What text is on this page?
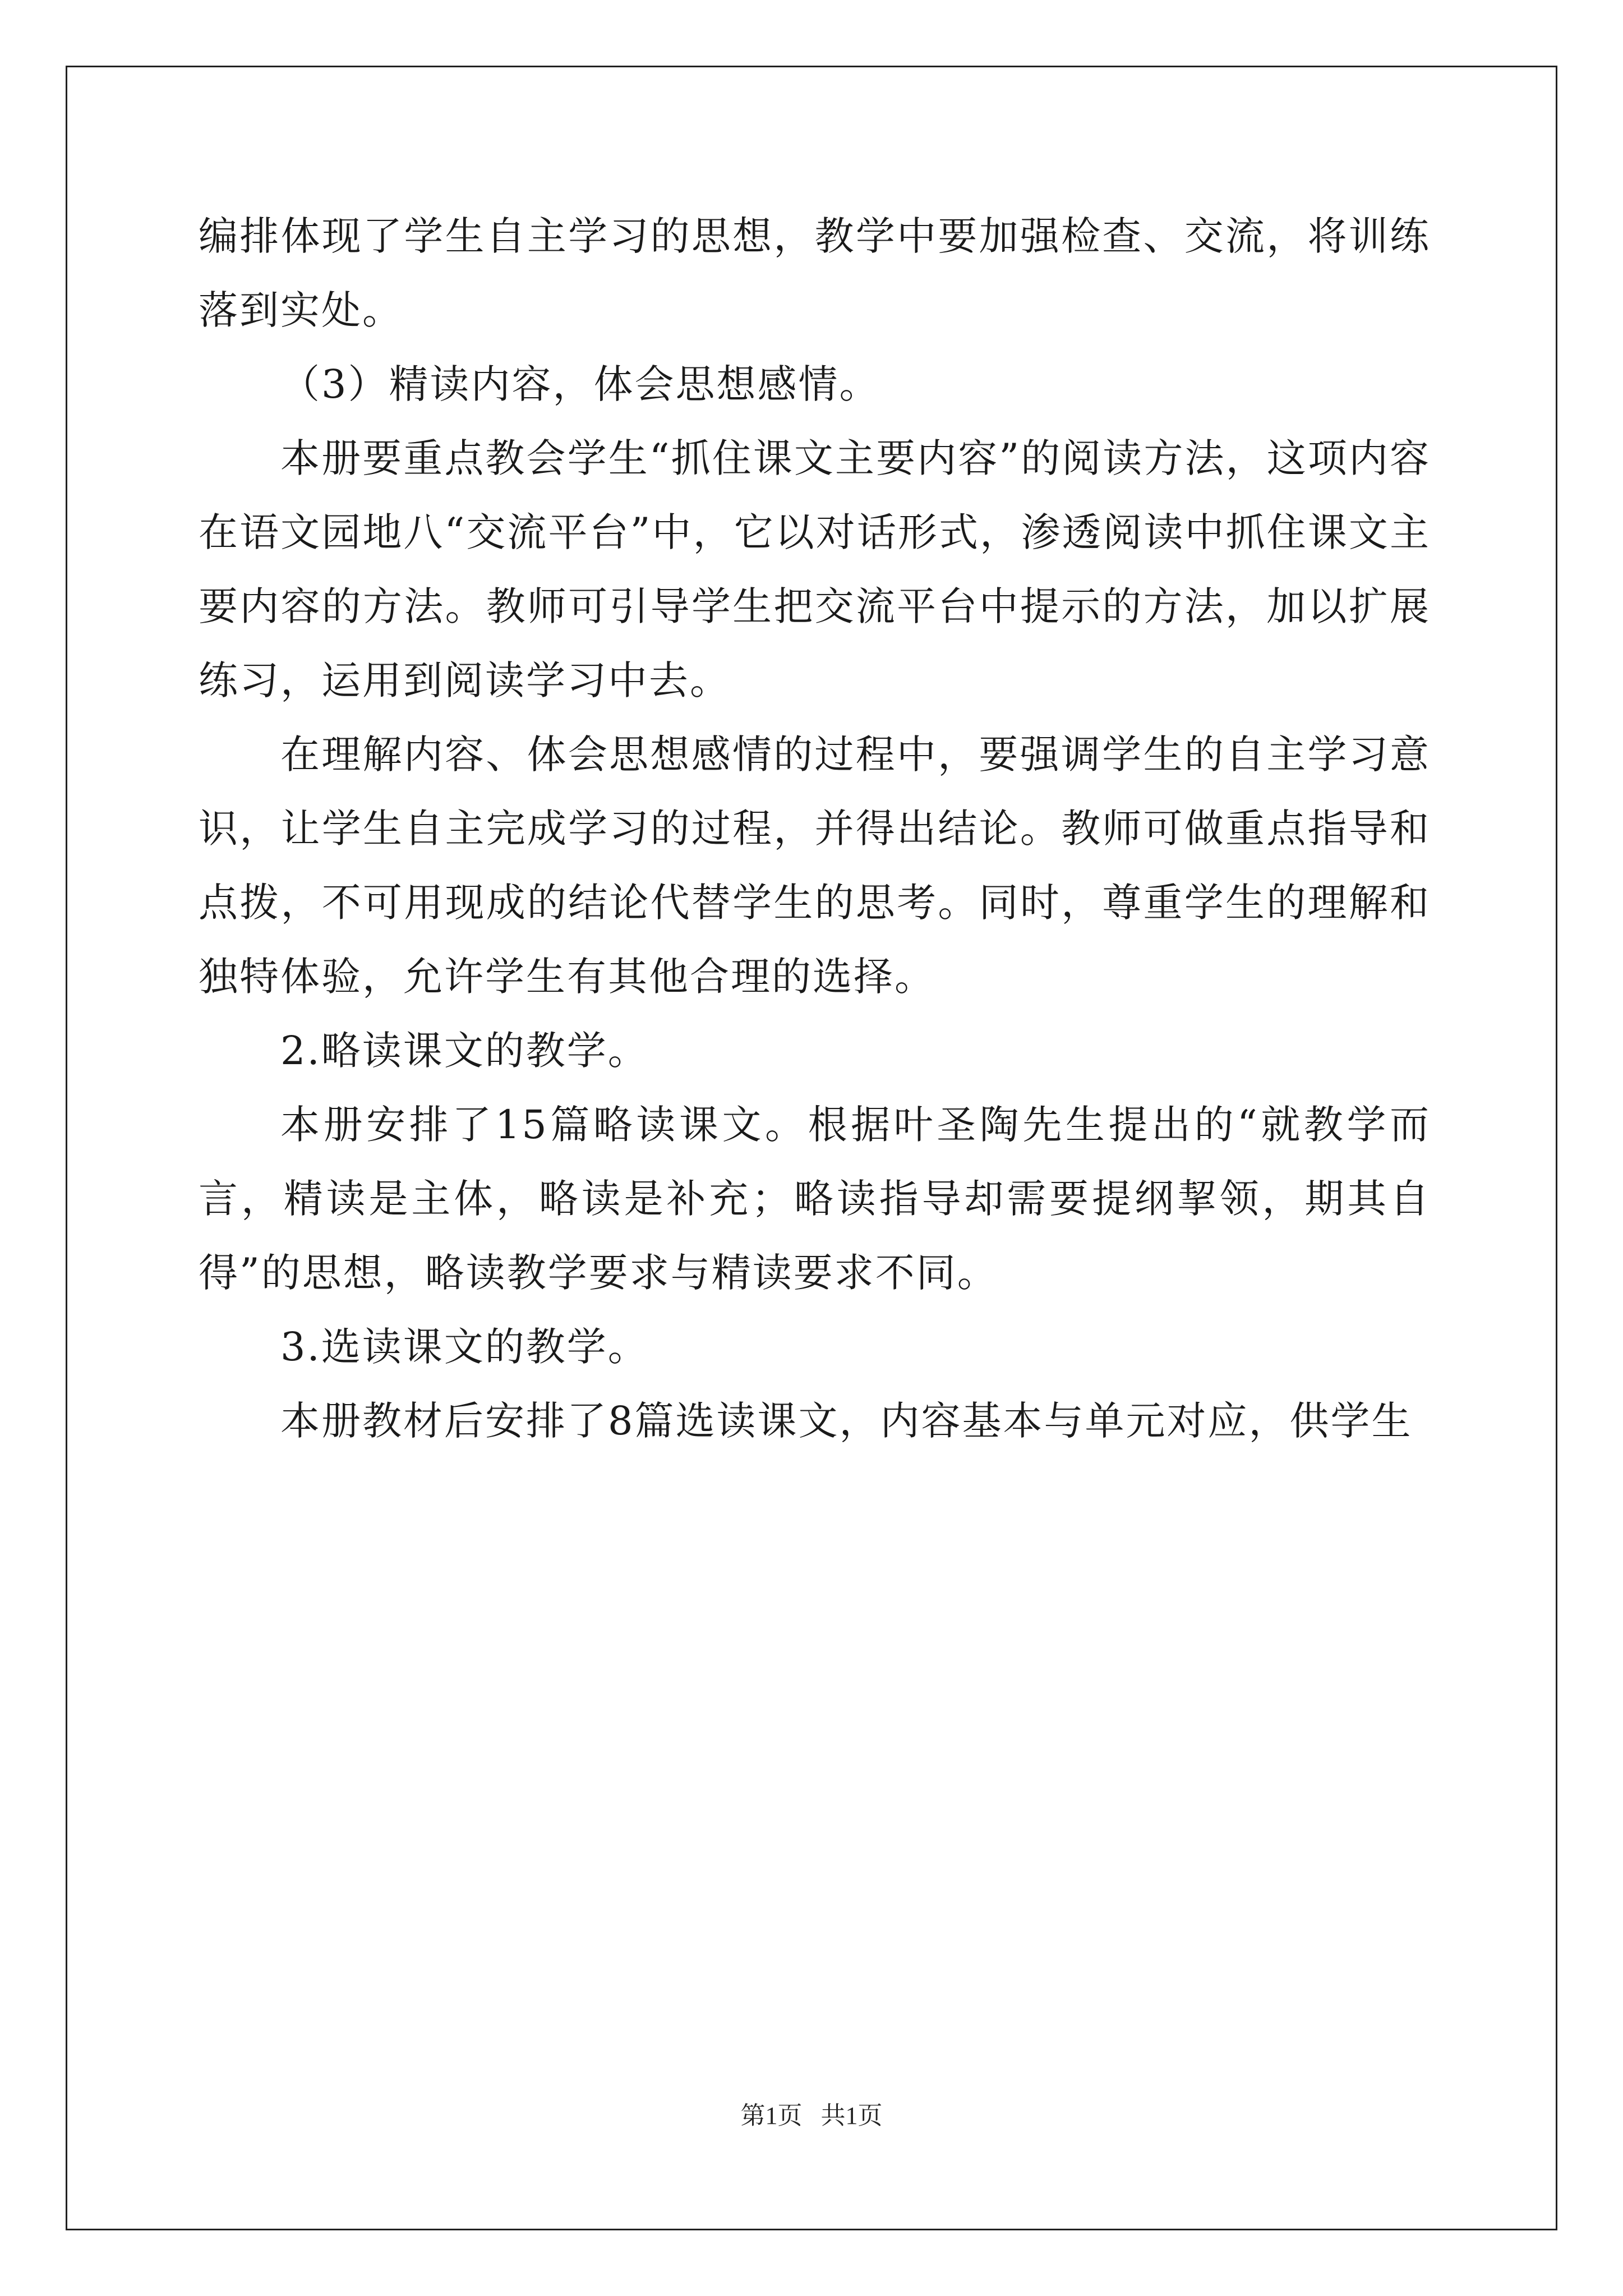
编排体现了学生自主学习的思想，教学中要加强检查、交流，将训练落到实处。

（3）精读内容，体会思想感情。

本册要重点教会学生“抓住课文主要内容”的阅读方法，这项内容在语文园地八“交流平台”中，它以对话形式，渗透阅读中抓住课文主要内容的方法。教师可引导学生把交流平台中提示的方法，加以扩展练习，运用到阅读学习中去。

在理解内容、体会思想感情的过程中，要强调学生的自主学习意识，让学生自主完成学习的过程，并得出结论。教师可做重点指导和点拨，不可用现成的结论代替学生的思考。同时，尊重学生的理解和独特体验，允许学生有其他合理的选择。

2.略读课文的教学。

本册安排了15篇略读课文。根据叶圣陶先生提出的“就教学而言，精读是主体，略读是补充；略读指导却需要提纲挈领，期其自得”的思想，略读教学要求与精读要求不同。

3.选读课文的教学。

本册教材后安排了8篇选读课文，内容基本与单元对应，供学生

第1页   共1页
